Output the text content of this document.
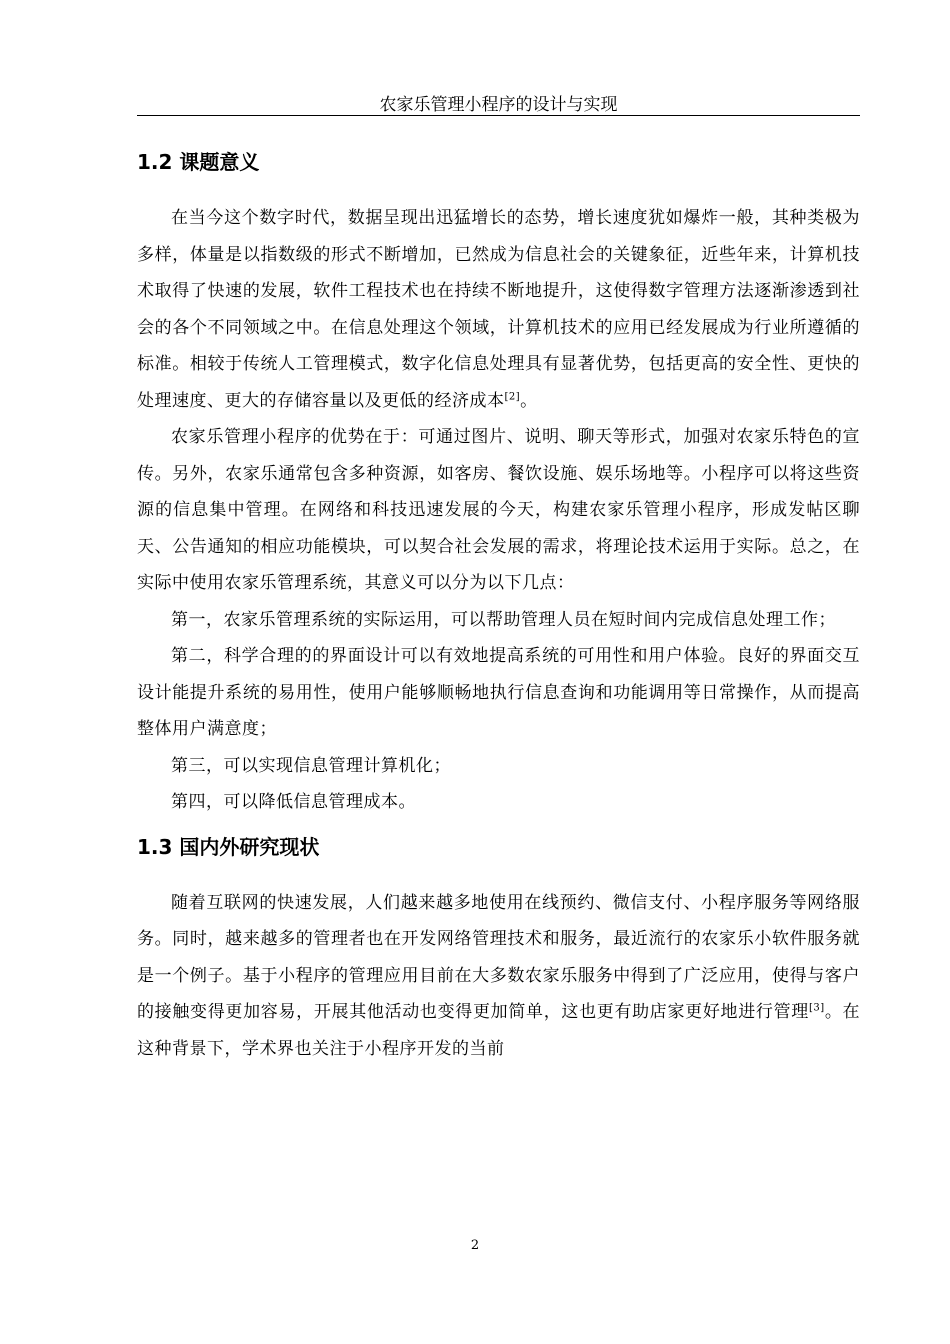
农家乐管理小程序的设计与实现
1.2 课题意义

在当今这个数字时代，数据呈现出迅猛增长的态势，增长速度犹如爆炸一般，其种类极为多样，体量是以指数级的形式不断增加，已然成为信息社会的关键象征，近些年来，计算机技术取得了快速的发展，软件工程技术也在持续不断地提升，这使得数字管理方法逐渐渗透到社会的各个不同领域之中。在信息处理这个领域，计算机技术的应用已经发展成为行业所遵循的标准。相较于传统人工管理模式，数字化信息处理具有显著优势，包括更高的安全性、更快的处理速度、更大的存储容量以及更低的经济成本[2]。

农家乐管理小程序的优势在于：可通过图片、说明、聊天等形式，加强对农家乐特色的宣传。另外，农家乐通常包含多种资源，如客房、餐饮设施、娱乐场地等。小程序可以将这些资源的信息集中管理。在网络和科技迅速发展的今天，构建农家乐管理小程序，形成发帖区聊天、公告通知的相应功能模块，可以契合社会发展的需求，将理论技术运用于实际。总之，在实际中使用农家乐管理系统，其意义可以分为以下几点：

第一，农家乐管理系统的实际运用，可以帮助管理人员在短时间内完成信息处理工作；

第二，科学合理的的界面设计可以有效地提高系统的可用性和用户体验。良好的界面交互设计能提升系统的易用性，使用户能够顺畅地执行信息查询和功能调用等日常操作，从而提高整体用户满意度；

第三，可以实现信息管理计算机化；

第四，可以降低信息管理成本。

1.3 国内外研究现状

随着互联网的快速发展，人们越来越多地使用在线预约、微信支付、小程序服务等网络服务。同时，越来越多的管理者也在开发网络管理技术和服务，最近流行的农家乐小软件服务就是一个例子。基于小程序的管理应用目前在大多数农家乐服务中得到了广泛应用，使得与客户的接触变得更加容易，开展其他活动也变得更加简单，这也更有助店家更好地进行管理[3]。在这种背景下，学术界也关注于小程序开发的当前

2
